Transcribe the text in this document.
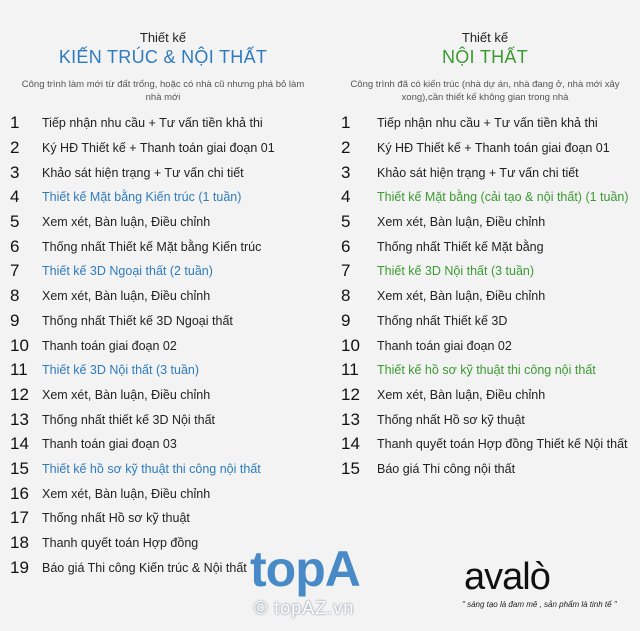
Thiết kế
KIẾN TRÚC & NỘI THẤT
Công trình làm mới từ đất trống, hoặc có nhà cũ nhưng phá bỏ làm nhà mới
1	Tiếp nhận nhu cầu + Tư vấn tiền khả thi
2	Ký HĐ Thiết kế + Thanh toán giai đoạn 01
3	Khảo sát hiện trạng + Tư vấn chi tiết
4	Thiết kế Mặt bằng Kiến trúc (1 tuần)
5	Xem xét, Bàn luận, Điều chỉnh
6	Thống nhất Thiết kế Mặt bằng Kiến trúc
7	Thiết kế 3D Ngoại thất (2 tuần)
8	Xem xét, Bàn luận, Điều chỉnh
9	Thống nhất Thiết kế 3D Ngoại thất
10	Thanh toán giai đoạn 02
11	Thiết kế 3D Nội thất (3 tuần)
12	Xem xét, Bàn luận, Điều chỉnh
13	Thống nhất thiết kế 3D Nội thất
14	Thanh toán giai đoạn 03
15	Thiết kế hồ sơ kỹ thuật thi công nội thất
16	Xem xét, Bàn luận, Điều chỉnh
17	Thống nhất Hồ sơ kỹ thuật
18	Thanh quyết toán Hợp đồng
19	Báo giá Thi công Kiến trúc & Nội thất
Thiết kế
NỘI THẤT
Công trình đã có kiến trúc (nhà dự án, nhà đang ở, nhà mới xây xong),cần thiết kế không gian trong nhà
1	Tiếp nhận nhu cầu + Tư vấn tiền khả thi
2	Ký HĐ Thiết kế + Thanh toán giai đoạn 01
3	Khảo sát hiện trạng + Tư vấn chi tiết
4	Thiết kế Mặt bằng (cải tạo & nội thất) (1 tuần)
5	Xem xét, Bàn luận, Điều chỉnh
6	Thống nhất Thiết kế Mặt bằng
7	Thiết kế 3D Nội thất (3 tuần)
8	Xem xét, Bàn luận, Điều chỉnh
9	Thống nhất Thiết kế 3D
10	Thanh toán giai đoạn 02
11	Thiết kế hồ sơ kỹ thuật thi công nội thất
12	Xem xét, Bàn luận, Điều chỉnh
13	Thống nhất Hồ sơ kỹ thuật
14	Thanh quyết toán Hợp đồng Thiết kế Nội thất
15	Báo giá Thi công nội thất
topA
© topAZ.vn
avalò
" sáng tạo là đam mê , sản phẩm là tinh tế "
